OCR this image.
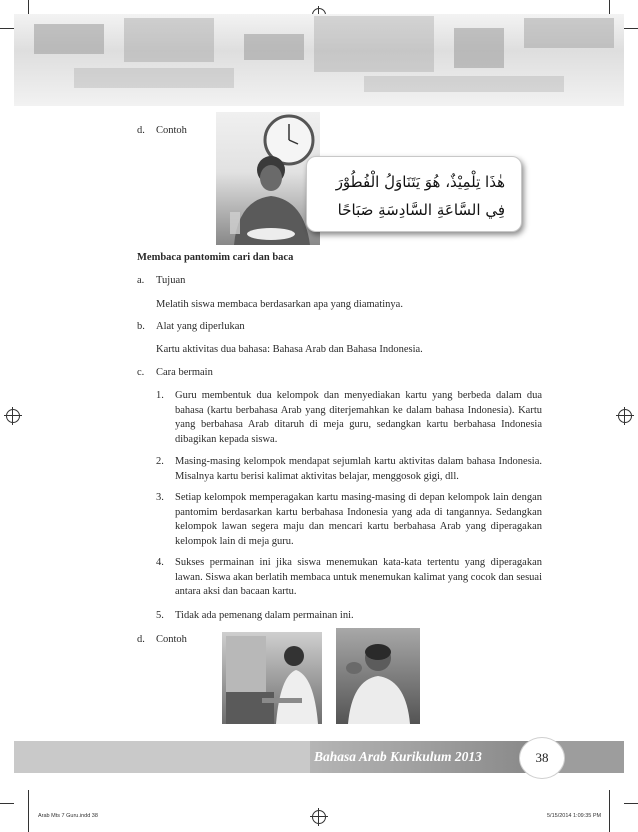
d. Contoh
هٰذَا تِلْمِيْذٌ، هُوَ يَتَنَاوَلُ الْفُطُوْرَ
فِي السَّاعَةِ السَّادِسَةِ صَبَاحًا
Membaca pantomim cari dan baca
a. Tujuan
Melatih siswa membaca berdasarkan apa yang diamatinya.
b. Alat yang diperlukan
Kartu aktivitas dua bahasa: Bahasa Arab dan Bahasa Indonesia.
c. Cara bermain
1. Guru membentuk dua kelompok dan menyediakan kartu yang berbeda dalam dua bahasa (kartu berbahasa Arab yang diterjemahkan ke dalam bahasa Indonesia). Kartu yang berbahasa Arab ditaruh di meja guru, sedangkan kartu berbahasa Indonesia dibagikan kepada siswa.
2. Masing-masing kelompok mendapat sejumlah kartu aktivitas dalam bahasa Indonesia. Misalnya kartu berisi kalimat aktivitas belajar, menggosok gigi, dll.
3. Setiap kelompok memperagakan kartu masing-masing di depan kelompok lain dengan pantomim berdasarkan kartu berbahasa Indonesia yang ada di tangannya. Sedangkan kelompok lawan segera maju dan mencari kartu berbahasa Arab yang diperagakan kelompok lain di meja guru.
4. Sukses permainan ini jika siswa menemukan kata-kata tertentu yang diperagakan lawan. Siswa akan berlatih membaca untuk menemukan kalimat yang cocok dan sesuai antara aksi dan bacaan kartu.
5. Tidak ada pemenang dalam permainan ini.
d. Contoh
Bahasa Arab Kurikulum 2013	38
Arab Mts 7 Guru.indd 38	5/15/2014 1:09:35 PM
